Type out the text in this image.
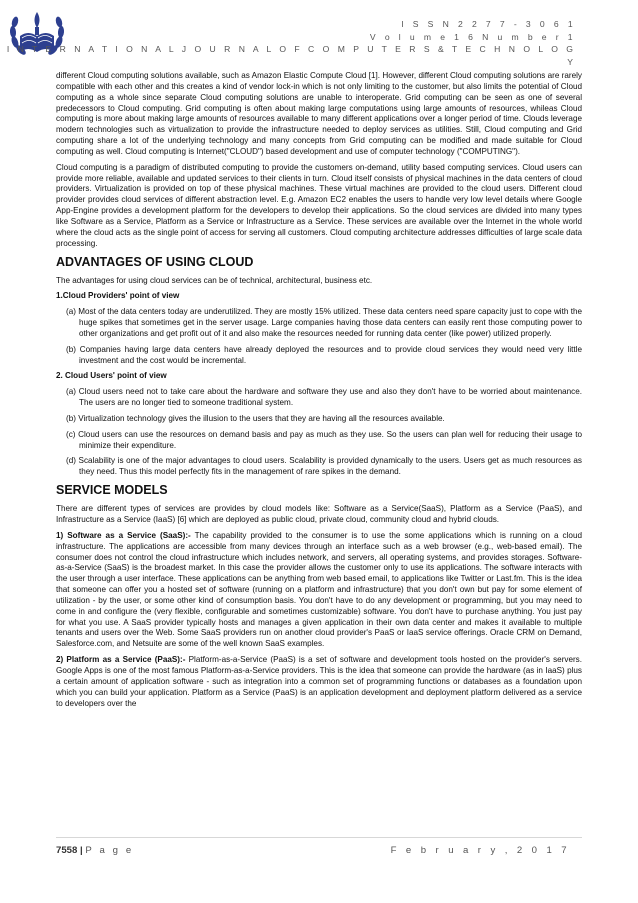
I S S N 2 2 7 7 - 3 0 6 1
V o l u m e 1 6 N u m b e r 1
I N T E R N A T I O N A L J O U R N A L O F C O M P U T E R S & T E C H N O L O G Y

different Cloud computing solutions available, such as Amazon Elastic Compute Cloud [1]. However, different Cloud computing solutions are rarely compatible with each other and this creates a kind of vendor lock-in which is not only limiting to the customer, but also limits the potential of Cloud computing as a whole since separate Cloud computing solutions are unable to interoperate. Grid computing can be seen as one of several predecessors to Cloud computing. Grid computing is often about making large computations using large amounts of resources, whileas Cloud computing is more about making large amounts of resources available to many different applications over a longer period of time. Clouds leverage modern technologies such as virtualization to provide the infrastructure needed to deploy services as utilities. Still, Cloud computing and Grid computing share a lot of the underlying technology and many concepts from Grid computing can be modified and made suitable for Cloud computing as well. Cloud computing is Internet("CLOUD") based development and use of computer technology ("COMPUTING").

Cloud computing is a paradigm of distributed computing to provide the customers on-demand, utility based computing services. Cloud users can provide more reliable, available and updated services to their clients in turn. Cloud itself consists of physical machines in the data centers of cloud providers. Virtualization is provided on top of these physical machines. These virtual machines are provided to the cloud users. Different cloud provider provides cloud services of different abstraction level. E.g. Amazon EC2 enables the users to handle very low level details where Google App-Engine provides a development platform for the developers to develop their applications. So the cloud services are divided into many types like Software as a Service, Platform as a Service or Infrastructure as a Service. These services are available over the Internet in the whole world where the cloud acts as the single point of access for serving all customers. Cloud computing architecture addresses difficulties of large scale data processing.

ADVANTAGES OF USING CLOUD

The advantages for using cloud services can be of technical, architectural, business etc.

1.Cloud Providers' point of view
(a) Most of the data centers today are underutilized. They are mostly 15% utilized. These data centers need spare capacity just to cope with the huge spikes that sometimes get in the server usage. Large companies having those data centers can easily rent those computing power to other organizations and get profit out of it and also make the resources needed for running data center (like power) utilized properly.
(b) Companies having large data centers have already deployed the resources and to provide cloud services they would need very little investment and the cost would be incremental.
2. Cloud Users' point of view
(a) Cloud users need not to take care about the hardware and software they use and also they don't have to be worried about maintenance. The users are no longer tied to someone traditional system.
(b) Virtualization technology gives the illusion to the users that they are having all the resources available.
(c) Cloud users can use the resources on demand basis and pay as much as they use. So the users can plan well for reducing their usage to minimize their expenditure.
(d) Scalability is one of the major advantages to cloud users. Scalability is provided dynamically to the users. Users get as much resources as they need. Thus this model perfectly fits in the management of rare spikes in the demand.
SERVICE MODELS

There are different types of services are provides by cloud models like: Software as a Service(SaaS), Platform as a Service (PaaS), and Infrastructure as a Service (IaaS) [6] which are deployed as public cloud, private cloud, community cloud and hybrid clouds.

1) Software as a Service (SaaS):- The capability provided to the consumer is to use the some applications which is running on a cloud infrastructure. The applications are accessible from many devices through an interface such as a web browser (e.g., web-based email). The consumer does not control the cloud infrastructure which includes network, and servers, all operating systems, and provides storages. Software-as-a-Service (SaaS) is the broadest market. In this case the provider allows the customer only to use its applications. The software interacts with the user through a user interface. These applications can be anything from web based email, to applications like Twitter or Last.fm. This is the idea that someone can offer you a hosted set of software (running on a platform and infrastructure) that you don't own but pay for some element of utilization - by the user, or some other kind of consumption basis. You don't have to do any development or programming, but you may need to come in and configure the (very flexible, configurable and sometimes customizable) software. You don't have to purchase anything. You just pay for what you use. A SaaS provider typically hosts and manages a given application in their own data center and makes it available to multiple tenants and users over the Web. Some SaaS providers run on another cloud provider's PaaS or IaaS service offerings. Oracle CRM on Demand, Salesforce.com, and Netsuite are some of the well known SaaS examples.

2) Platform as a Service (PaaS):- Platform-as-a-Service (PaaS) is a set of software and development tools hosted on the provider's servers. Google Apps is one of the most famous Platform-as-a-Service providers. This is the idea that someone can provide the hardware (as in IaaS) plus a certain amount of application software - such as integration into a common set of programming functions or databases as a foundation upon which you can build your application. Platform as a Service (PaaS) is an application development and deployment platform delivered as a service to developers over the

7558 | P a g e	F e b r u a r y , 2 0 1 7
